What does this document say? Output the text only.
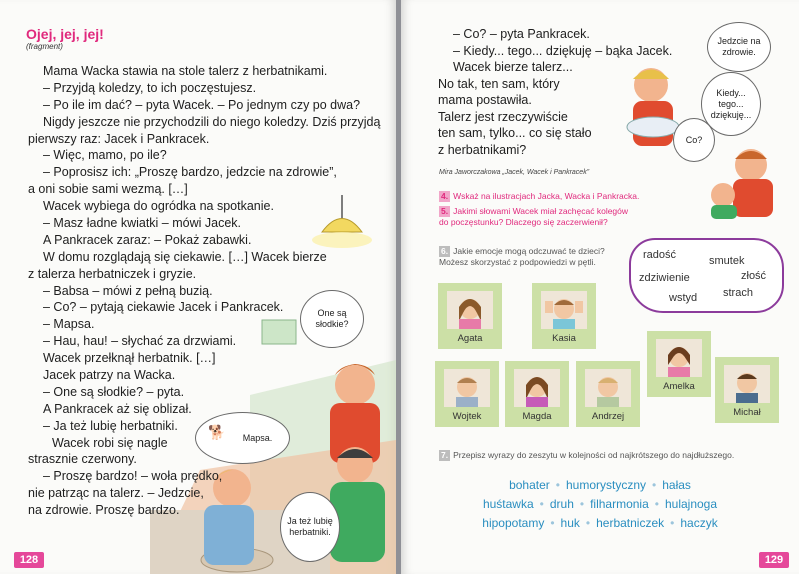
Ojej, jej, jej!
(fragment)
Mama Wacka stawia na stole talerz z herbatnikami.
– Przyjdą koledzy, to ich poczęstujesz.
– Po ile im dać? – pyta Wacek. – Po jednym czy po dwa?
Nigdy jeszcze nie przychodzili do niego koledzy. Dziś przyjdą
pierwszy raz: Jacek i Pankracek.
– Więc, mamo, po ile?
– Poprosisz ich: „Proszę bardzo, jedzcie na zdrowie”,
a oni sobie sami wezmą. […]
Wacek wybiega do ogródka na spotkanie.
– Masz ładne kwiatki – mówi Jacek.
A Pankracek zaraz: – Pokaż zabawki.
W domu rozglądają się ciekawie. […] Wacek bierze
z talerza herbatniczek i gryzie.
– Babsa – mówi z pełną buzią.
– Co? – pytają ciekawie Jacek i Pankracek.
– Mapsa.
– Hau, hau! – słychać za drzwiami.
Wacek przełknął herbatnik. […]
Jacek patrzy na Wacka.
– One są słodkie? – pyta.
A Pankracek aż się oblizał.
– Ja też lubię herbatniki.
Wacek robi się nagle
strasznie czerwony.
– Proszę bardzo! – woła prędko,
nie patrząc na talerz. – Jedzcie,
na zdrowie. Proszę bardzo.
One są słodkie?
🐕 Mapsa.
Ja też lubię herbatniki.
128
– Co? – pyta Pankracek.
– Kiedy... tego... dziękuję – bąka Jacek.
Wacek bierze talerz...
No tak, ten sam, który
mama postawiła.
Talerz jest rzeczywiście
ten sam, tylko... co się stało
z herbatnikami?
Jedzcie na zdrowie.
Kiedy... tego... dziękuję...
Co?
Mira Jaworczakowa „Jacek, Wacek i Pankracek”
4. Wskaż na ilustracjach Jacka, Wacka i Pankracka.
5. Jakimi słowami Wacek miał zachęcać kolegów
do poczęstunku? Dlaczego się zaczerwienił?
6. Jakie emocje mogą odczuwać te dzieci?
Możesz skorzystać z podpowiedzi w pętli.
radość	smutek
zdziwienie	złość
wstyd strach
Agata	Kasia
Wojtek	Magda	Andrzej
Amelka
Michał
7. Przepisz wyrazy do zeszytu w kolejności od najkrótszego do najdłuższego.
bohater • humorystyczny • hałas
huśtawka • druh • filharmonia • hulajnoga
hipopotamy • huk • herbatniczek • haczyk
129
